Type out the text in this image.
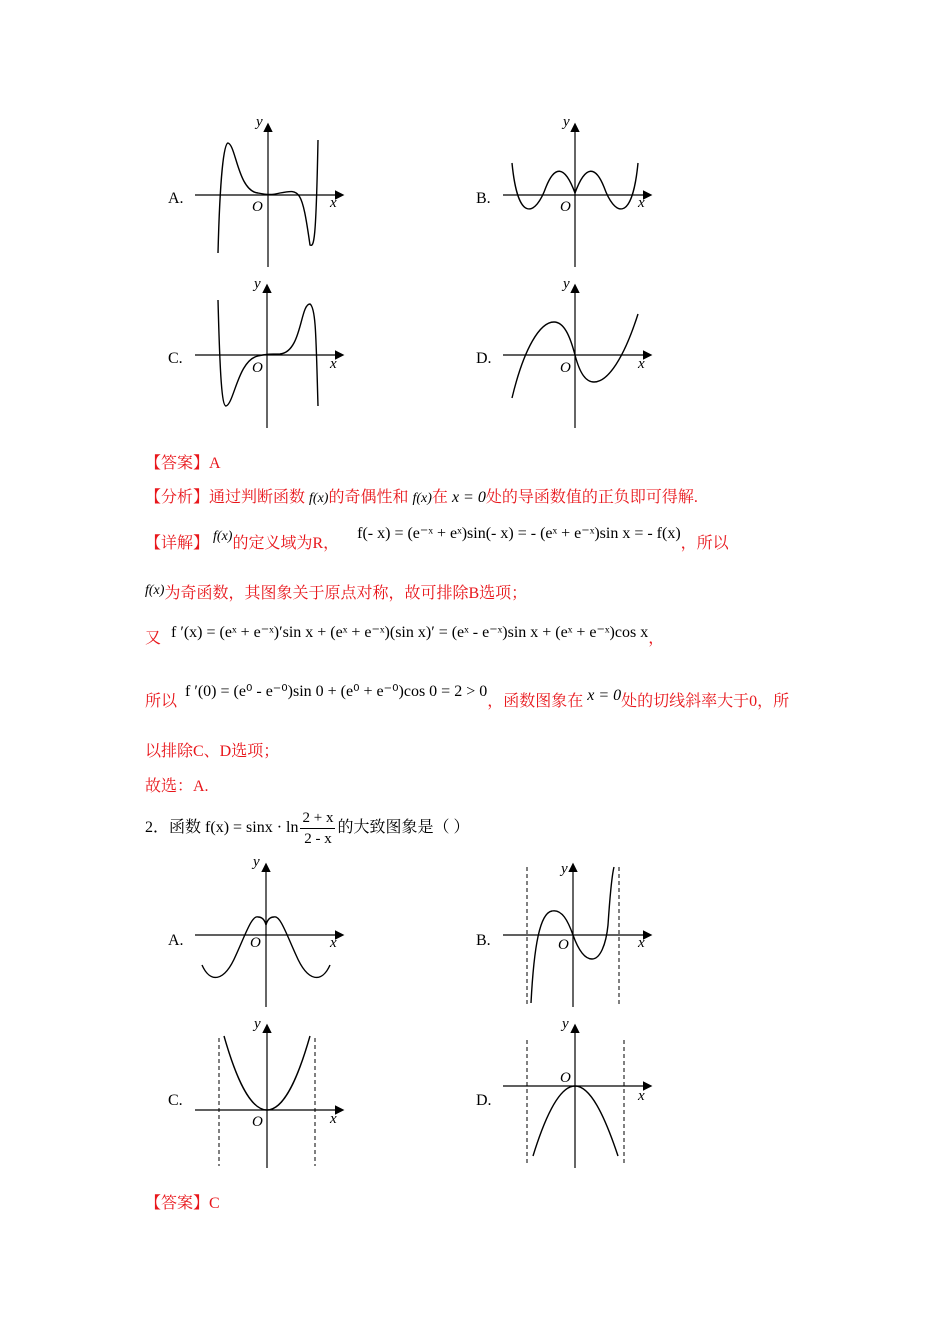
A.
y
x
O	B.
y
x
O
C.
y
x
O
D.
y
x
O
【答案】A
【分析】通过判断函数 f(x)的奇偶性和 f(x)在 x = 0处的导函数值的正负即可得解.
【详解】 f(x)的定义域为R， f(- x) = (e⁻ˣ + eˣ)sin(- x) = - (eˣ + e⁻ˣ)sin x = - f(x)，所以
f(x)为奇函数，其图象关于原点对称，故可排除B选项；
又 f ′(x) = (eˣ + e⁻ˣ)′sin x + (eˣ + e⁻ˣ)(sin x)′ = (eˣ - e⁻ˣ)sin x + (eˣ + e⁻ˣ)cos x，
所以 f ′(0) = (e⁰ - e⁻⁰)sin 0 + (e⁰ + e⁻⁰)cos 0 = 2 > 0，函数图象在 x = 0处的切线斜率大于0，所
以排除C、D选项；
故选：A.
2．函数 $f(x) = \sin x \cdot \ln \frac{2 + x}{2 - x}$ 的大致图象是（ ）
A.
y
x
O	B.
y
x
O
C.
y
x
O
D.
y
x
O
【答案】C
